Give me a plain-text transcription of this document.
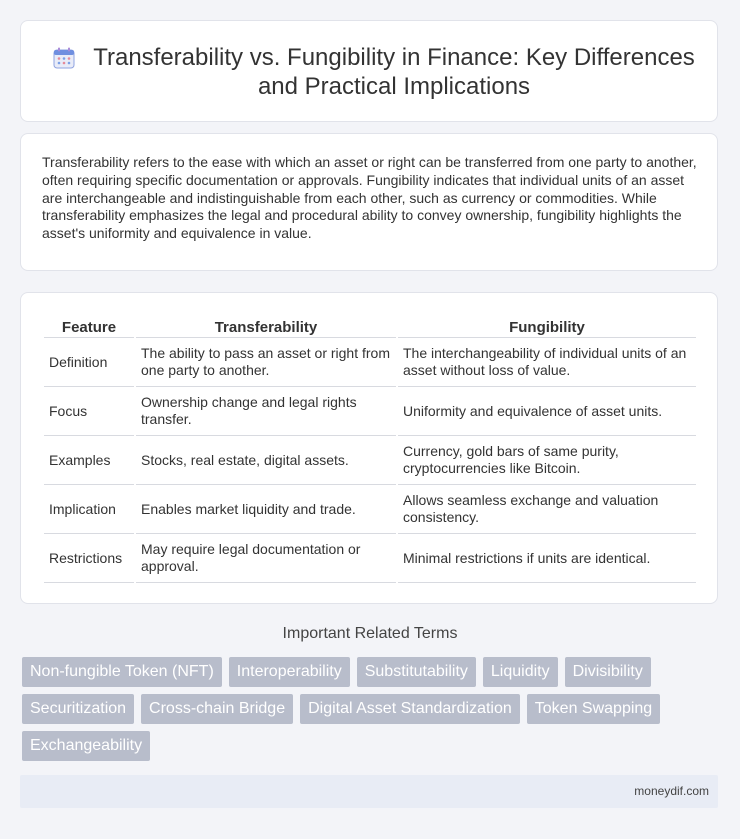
Transferability vs. Fungibility in Finance: Key Differences and Practical Implications

Transferability refers to the ease with which an asset or right can be transferred from one party to another, often requiring specific documentation or approvals. Fungibility indicates that individual units of an asset are interchangeable and indistinguishable from each other, such as currency or commodities. While transferability emphasizes the legal and procedural ability to convey ownership, fungibility highlights the asset's uniformity and equivalence in value.

Feature	Transferability	Fungibility
Definition	The ability to pass an asset or right from one party to another.	The interchangeability of individual units of an asset without loss of value.
Focus	Ownership change and legal rights transfer.	Uniformity and equivalence of asset units.
Examples	Stocks, real estate, digital assets.	Currency, gold bars of same purity, cryptocurrencies like Bitcoin.
Implication	Enables market liquidity and trade.	Allows seamless exchange and valuation consistency.
Restrictions	May require legal documentation or approval.	Minimal restrictions if units are identical.
Important Related Terms
Non-fungible Token (NFT)	Interoperability	Substitutability	Liquidity	Divisibility
Securitization	Cross-chain Bridge	Digital Asset Standardization	Token Swapping
Exchangeability
moneydif.com
